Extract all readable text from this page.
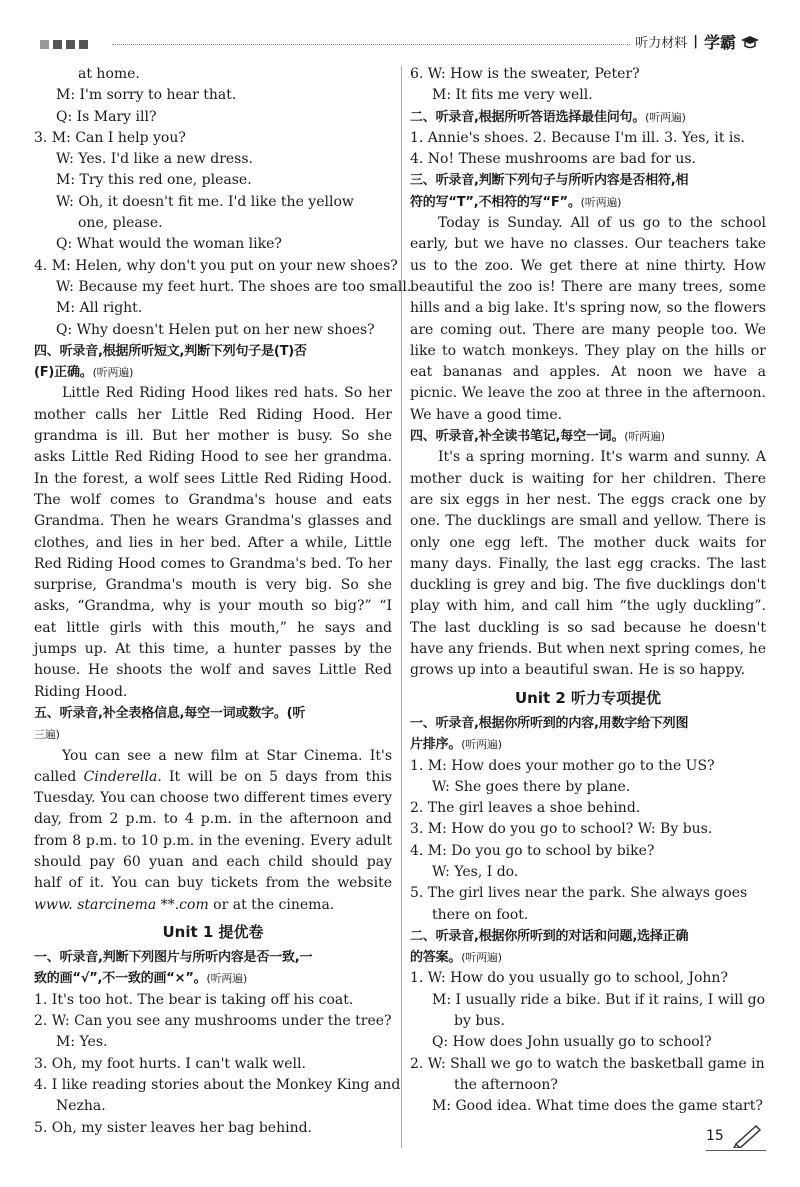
听力材料 | 学霸
at home.
M: I'm sorry to hear that.
Q: Is Mary ill?
3. M: Can I help you?
W: Yes. I'd like a new dress.
M: Try this red one, please.
W: Oh, it doesn't fit me. I'd like the yellow
one, please.
Q: What would the woman like?
4. M: Helen, why don't you put on your new shoes?
W: Because my feet hurt. The shoes are too small.
M: All right.
Q: Why doesn't Helen put on her new shoes?
四、听录音,根据所听短文,判断下列句子是(T)否
(F)正确。(听两遍)

Little Red Riding Hood likes red hats. So her mother calls her Little Red Riding Hood. Her grandma is ill. But her mother is busy. So she asks Little Red Riding Hood to see her grandma. In the forest, a wolf sees Little Red Riding Hood. The wolf comes to Grandma's house and eats Grandma. Then he wears Grandma's glasses and clothes, and lies in her bed. After a while, Little Red Riding Hood comes to Grandma's bed. To her surprise, Grandma's mouth is very big. So she asks, “Grandma, why is your mouth so big?” “I eat little girls with this mouth,” he says and jumps up. At this time, a hunter passes by the house. He shoots the wolf and saves Little Red Riding Hood.

五、听录音,补全表格信息,每空一词或数字。(听
三遍)

You can see a new film at Star Cinema. It's called Cinderella. It will be on 5 days from this Tuesday. You can choose two different times every day, from 2 p.m. to 4 p.m. in the afternoon and from 8 p.m. to 10 p.m. in the evening. Every adult should pay 60 yuan and each child should pay half of it. You can buy tickets from the website www. starcinema **.com or at the cinema.

Unit 1 提优卷
一、听录音,判断下列图片与所听内容是否一致,一
致的画“√”,不一致的画“×”。(听两遍)
1. It's too hot. The bear is taking off his coat.
2. W: Can you see any mushrooms under the tree?
M: Yes.
3. Oh, my foot hurts. I can't walk well.
4. I like reading stories about the Monkey King and
Nezha.
5. Oh, my sister leaves her bag behind.
6. W: How is the sweater, Peter?
M: It fits me very well.
二、听录音,根据所听答语选择最佳问句。(听两遍)
1. Annie's shoes. 2. Because I'm ill. 3. Yes, it is.
4. No! These mushrooms are bad for us.
三、听录音,判断下列句子与所听内容是否相符,相
符的写“T”,不相符的写“F”。(听两遍)

Today is Sunday. All of us go to the school early, but we have no classes. Our teachers take us to the zoo. We get there at nine thirty. How beautiful the zoo is! There are many trees, some hills and a big lake. It's spring now, so the flowers are coming out. There are many people too. We like to watch monkeys. They play on the hills or eat bananas and apples. At noon we have a picnic. We leave the zoo at three in the afternoon. We have a good time.

四、听录音,补全读书笔记,每空一词。(听两遍)

It's a spring morning. It's warm and sunny. A mother duck is waiting for her children. There are six eggs in her nest. The eggs crack one by one. The ducklings are small and yellow. There is only one egg left. The mother duck waits for many days. Finally, the last egg cracks. The last duckling is grey and big. The five ducklings don't play with him, and call him “the ugly duckling”. The last duckling is so sad because he doesn't have any friends. But when next spring comes, he grows up into a beautiful swan. He is so happy.

Unit 2 听力专项提优
一、听录音,根据你所听到的内容,用数字给下列图
片排序。(听两遍)
1. M: How does your mother go to the US?
W: She goes there by plane.
2. The girl leaves a shoe behind.
3. M: How do you go to school? W: By bus.
4. M: Do you go to school by bike?
W: Yes, I do.
5. The girl lives near the park. She always goes
there on foot.
二、听录音,根据你所听到的对话和问题,选择正确
的答案。(听两遍)
1. W: How do you usually go to school, John?
M: I usually ride a bike. But if it rains, I will go
by bus.
Q: How does John usually go to school?
2. W: Shall we go to watch the basketball game in
the afternoon?
M: Good idea. What time does the game start?
15
